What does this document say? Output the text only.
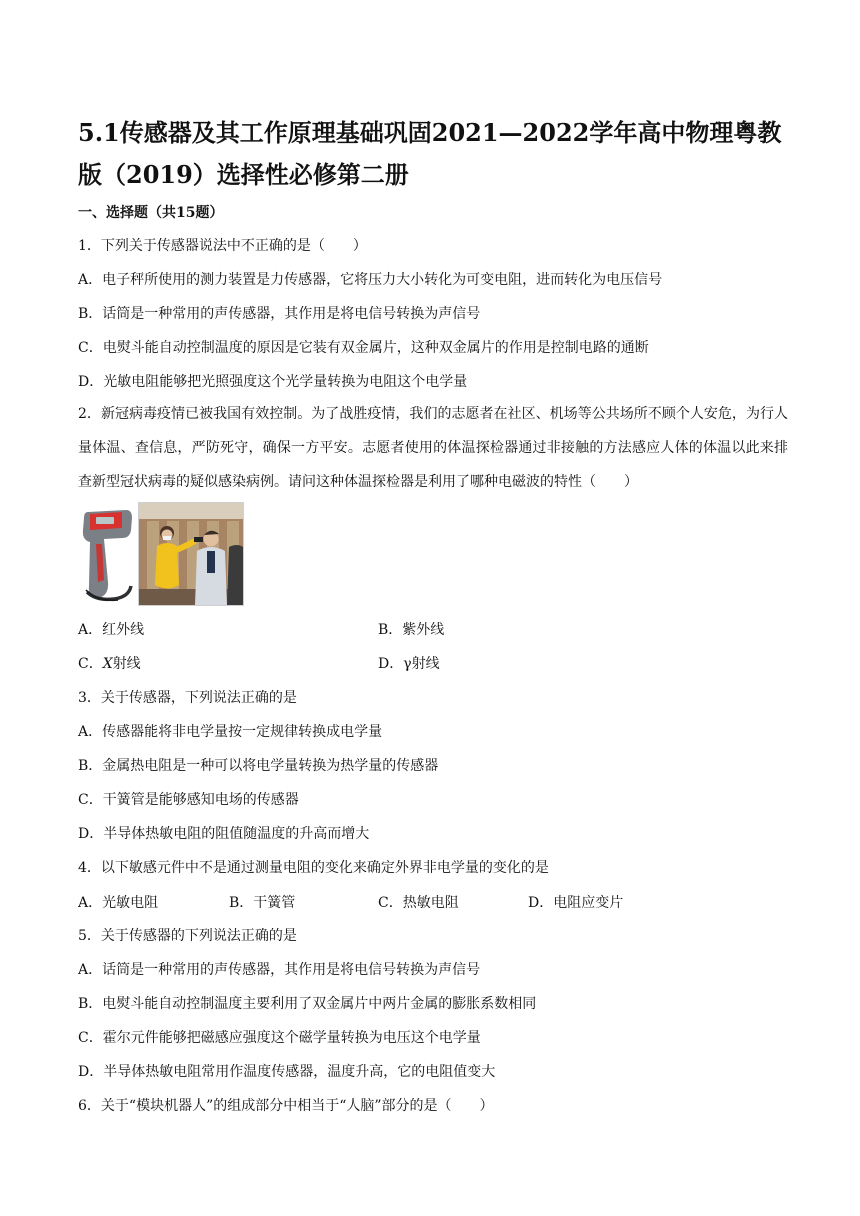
5.1传感器及其工作原理基础巩固2021—2022学年高中物理粤教版（2019）选择性必修第二册
一、选择题（共15题）
1．下列关于传感器说法中不正确的是（　　）
A．电子秤所使用的测力装置是力传感器，它将压力大小转化为可变电阻，进而转化为电压信号
B．话筒是一种常用的声传感器，其作用是将电信号转换为声信号
C．电熨斗能自动控制温度的原因是它装有双金属片，这种双金属片的作用是控制电路的通断
D．光敏电阻能够把光照强度这个光学量转换为电阻这个电学量
2．新冠病毒疫情已被我国有效控制。为了战胜疫情，我们的志愿者在社区、机场等公共场所不顾个人安危，为行人量体温、查信息，严防死守，确保一方平安。志愿者使用的体温探检器通过非接触的方法感应人体的体温以此来排查新型冠状病毒的疑似感染病例。请问这种体温探检器是利用了哪种电磁波的特性（　　）
A．红外线	B．紫外线
C．X射线	D．γ射线
3．关于传感器，下列说法正确的是
A．传感器能将非电学量按一定规律转换成电学量
B．金属热电阻是一种可以将电学量转换为热学量的传感器
C．干簧管是能够感知电场的传感器
D．半导体热敏电阻的阻值随温度的升高而增大
4．以下敏感元件中不是通过测量电阻的变化来确定外界非电学量的变化的是
A．光敏电阻	B．干簧管	C．热敏电阻	D．电阻应变片
5．关于传感器的下列说法正确的是
A．话筒是一种常用的声传感器，其作用是将电信号转换为声信号
B．电熨斗能自动控制温度主要利用了双金属片中两片金属的膨胀系数相同
C．霍尔元件能够把磁感应强度这个磁学量转换为电压这个电学量
D．半导体热敏电阻常用作温度传感器，温度升高，它的电阻值变大
6．关于“模块机器人”的组成部分中相当于“人脑”部分的是（　　）
